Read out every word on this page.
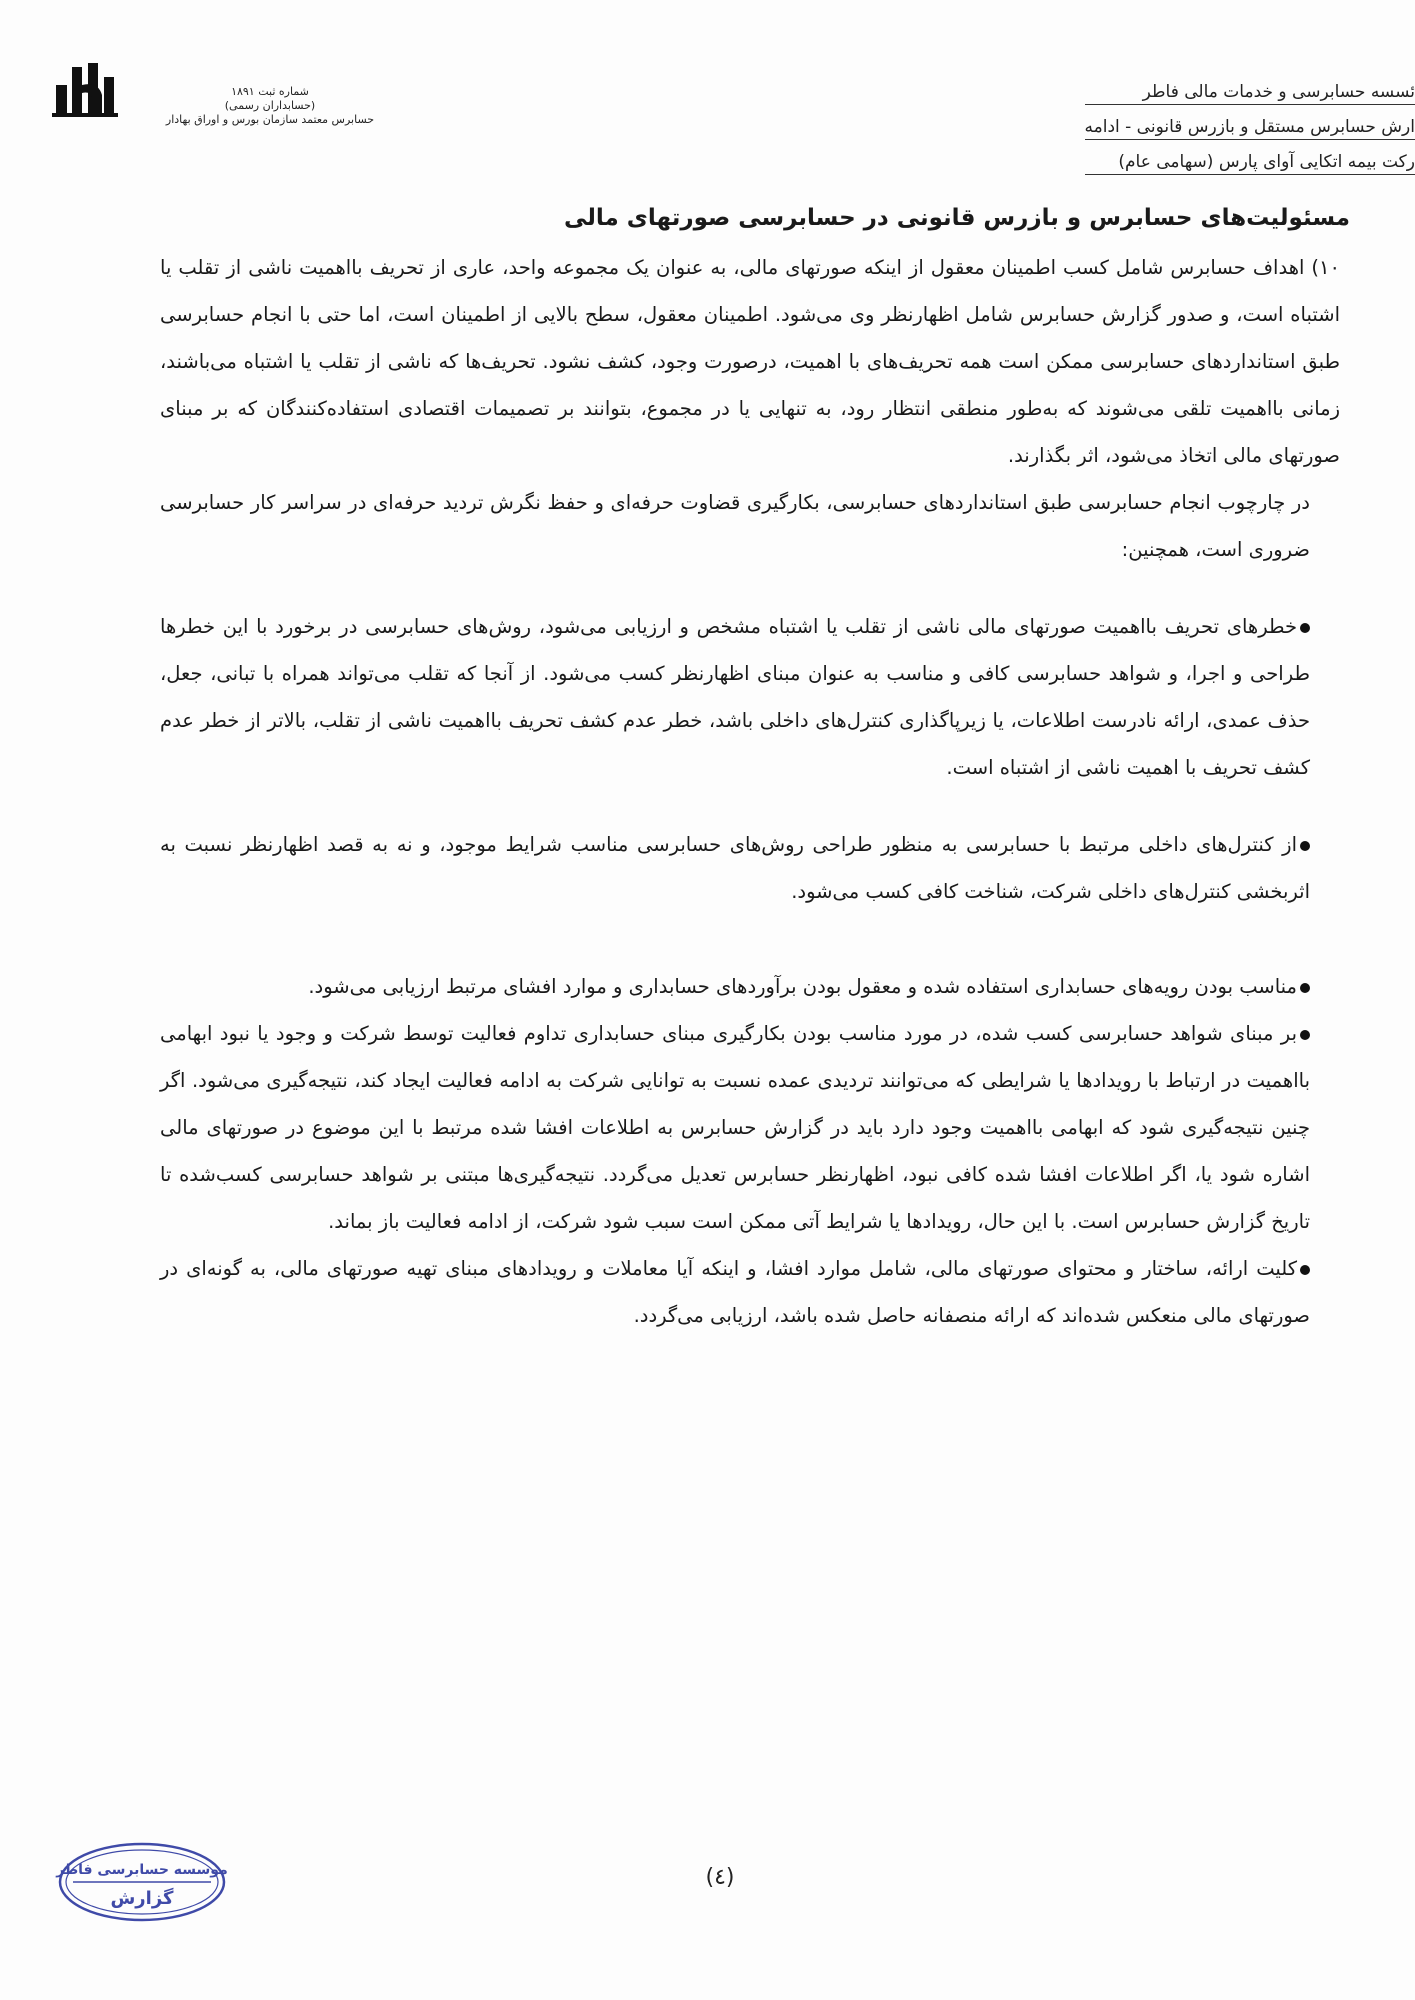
ئسسه حسابرسی و خدمات مالی فاطر
ارش حسابرس مستقل و بازرس قانونی - ادامه
رکت بیمه اتکایی آوای پارس (سهامی عام)
شماره ثبت ۱۸۹۱
(حسابداران رسمی)
حسابرس معتمد سازمان بورس و اوراق بهادار
مسئولیت‌های حسابرس و بازرس قانونی در حسابرسی صورتهای مالی

۱۰) اهداف حسابرس شامل کسب اطمینان معقول از اینکه صورتهای مالی، به عنوان یک مجموعه واحد، عاری از تحریف بااهمیت ناشی از تقلب یا اشتباه است، و صدور گزارش حسابرس شامل اظهارنظر وی می‌شود. اطمینان معقول، سطح بالایی از اطمینان است، اما حتی با انجام حسابرسی طبق استانداردهای حسابرسی ممکن است همه تحریف‌های با اهمیت، درصورت وجود، کشف نشود. تحریف‌ها که ناشی از تقلب یا اشتباه می‌باشند، زمانی بااهمیت تلقی می‌شوند که به‌طور منطقی انتظار رود، به تنهایی یا در مجموع، بتوانند بر تصمیمات اقتصادی استفاده‌کنندگان که بر مبنای صورتهای مالی اتخاذ می‌شود، اثر بگذارند.

در چارچوب انجام حسابرسی طبق استانداردهای حسابرسی، بکارگیری قضاوت حرفه‌ای و حفظ نگرش تردید حرفه‌ای در سراسر کار حسابرسی ضروری است، همچنین:

خطرهای تحریف بااهمیت صورتهای مالی ناشی از تقلب یا اشتباه مشخص و ارزیابی می‌شود، روش‌های حسابرسی در برخورد با این خطرها طراحی و اجرا، و شواهد حسابرسی کافی و مناسب به عنوان مبنای اظهارنظر کسب می‌شود. از آنجا که تقلب می‌تواند همراه با تبانی، جعل، حذف عمدی، ارائه نادرست اطلاعات، یا زیرپاگذاری کنترل‌های داخلی باشد، خطر عدم کشف تحریف بااهمیت ناشی از تقلب، بالاتر از خطر عدم کشف تحریف با اهمیت ناشی از اشتباه است.

از کنترل‌های داخلی مرتبط با حسابرسی به منظور طراحی روش‌های حسابرسی مناسب شرایط موجود، و نه به قصد اظهارنظر نسبت به اثربخشی کنترل‌های داخلی شرکت، شناخت کافی کسب می‌شود.

مناسب بودن رویه‌های حسابداری استفاده شده و معقول بودن برآوردهای حسابداری و موارد افشای مرتبط ارزیابی می‌شود.

بر مبنای شواهد حسابرسی کسب شده، در مورد مناسب بودن بکارگیری مبنای حسابداری تداوم فعالیت توسط شرکت و وجود یا نبود ابهامی بااهمیت در ارتباط با رویدادها یا شرایطی که می‌توانند تردیدی عمده نسبت به توانایی شرکت به ادامه فعالیت ایجاد کند، نتیجه‌گیری می‌شود. اگر چنین نتیجه‌گیری شود که ابهامی بااهمیت وجود دارد باید در گزارش حسابرس به اطلاعات افشا شده مرتبط با این موضوع در صورتهای مالی اشاره شود یا، اگر اطلاعات افشا شده کافی نبود، اظهارنظر حسابرس تعدیل می‌گردد. نتیجه‌گیری‌ها مبتنی بر شواهد حسابرسی کسب‌شده تا تاریخ گزارش حسابرس است. با این حال، رویدادها یا شرایط آتی ممکن است سبب شود شرکت، از ادامه فعالیت باز بماند.

کلیت ارائه، ساختار و محتوای صورتهای مالی، شامل موارد افشا، و اینکه آیا معاملات و رویدادهای مبنای تهیه صورتهای مالی، به گونه‌ای در صورتهای مالی منعکس شده‌اند که ارائه منصفانه حاصل شده باشد، ارزیابی می‌گردد.

(٤)
موسسه حسابرسی فاطر
گزارش
